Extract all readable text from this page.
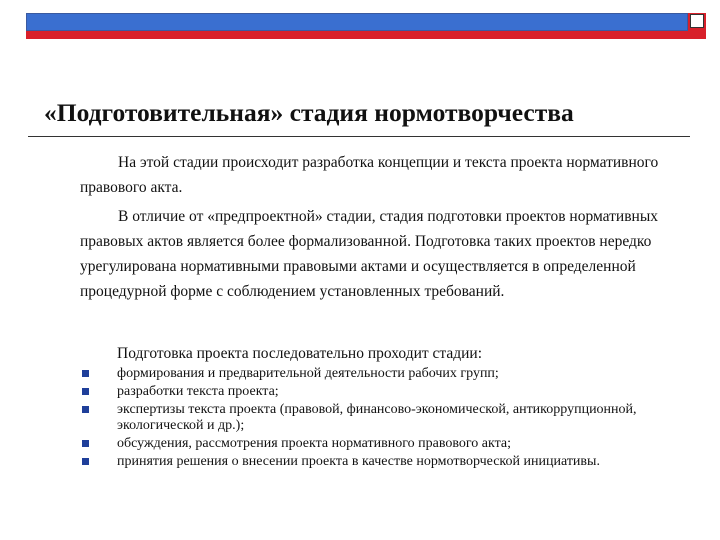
«Подготовительная» стадия нормотворчества

На этой стадии происходит разработка концепции и текста проекта нормативного правового акта.

В отличие от «предпроектной» стадии, стадия подготовки проектов нормативных правовых актов является более формализованной. Подготовка таких проектов нередко урегулирована нормативными правовыми актами и осуществляется в определенной процедурной форме с соблюдением установленных требований.

Подготовка проекта последовательно проходит стадии:
формирования и предварительной деятельности рабочих групп;
разработки текста проекта;
экспертизы текста проекта (правовой, финансово-экономической, антикоррупционной, экологической и др.);
обсуждения, рассмотрения проекта нормативного правового акта;
принятия решения о внесении проекта в качестве нормотворческой инициативы.
